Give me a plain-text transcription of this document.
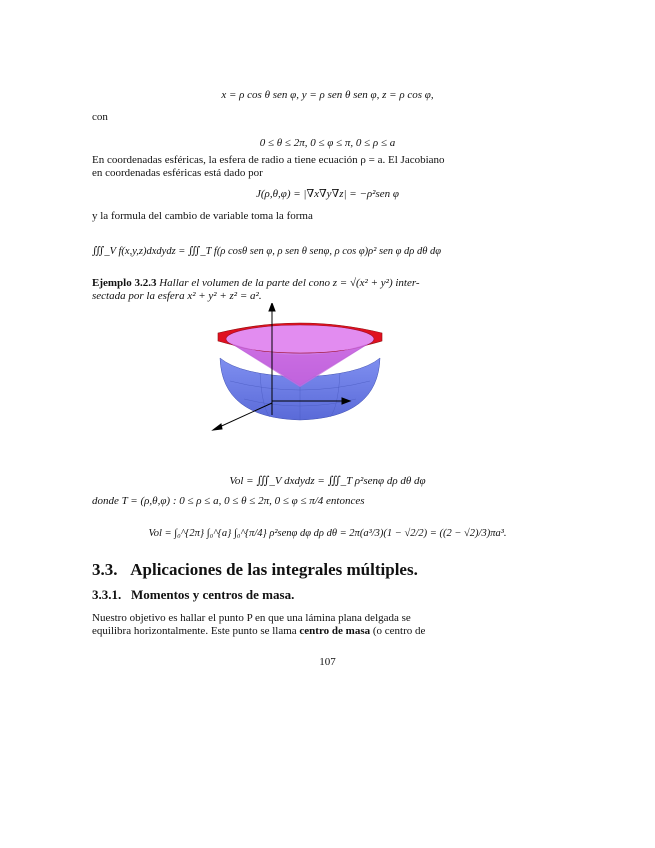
x = ρ cos θ sen φ, y = ρ sen θ sen φ, z = ρ cos φ,
con
0 ≤ θ ≤ 2π, 0 ≤ φ ≤ π, 0 ≤ ρ ≤ a
En coordenadas esféricas, la esfera de radio a tiene ecuación ρ = a. El Jacobiano
en coordenadas esféricas está dado por
J(ρ,θ,φ) = |∇x∇y∇z| = −ρ²sen φ
y la formula del cambio de variable toma la forma
∭_V f(x,y,z)dxdydz = ∭_T f(ρ cosθ sen φ, ρ sen θ senφ, ρ cos φ)ρ² sen φ dρ dθ dφ
Ejemplo 3.2.3 Hallar el volumen de la parte del cono z = √(x² + y²) inter-
sectada por la esfera x² + y² + z² = a².
Vol = ∭_V dxdydz = ∭_T ρ²senφ dρ dθ dφ
donde T = (ρ,θ,φ) : 0 ≤ ρ ≤ a, 0 ≤ θ ≤ 2π, 0 ≤ φ ≤ π/4 entonces
Vol = ∫₀^{2π} ∫₀^{a} ∫₀^{π/4} ρ²senφ dφ dρ dθ = 2π(a³/3)(1 − √2/2) = ((2 − √2)/3)πa³.
3.3. Aplicaciones de las integrales múltiples.
3.3.1. Momentos y centros de masa.
Nuestro objetivo es hallar el punto P en que una lámina plana delgada se
equilibra horizontalmente. Este punto se llama centro de masa (o centro de
107
